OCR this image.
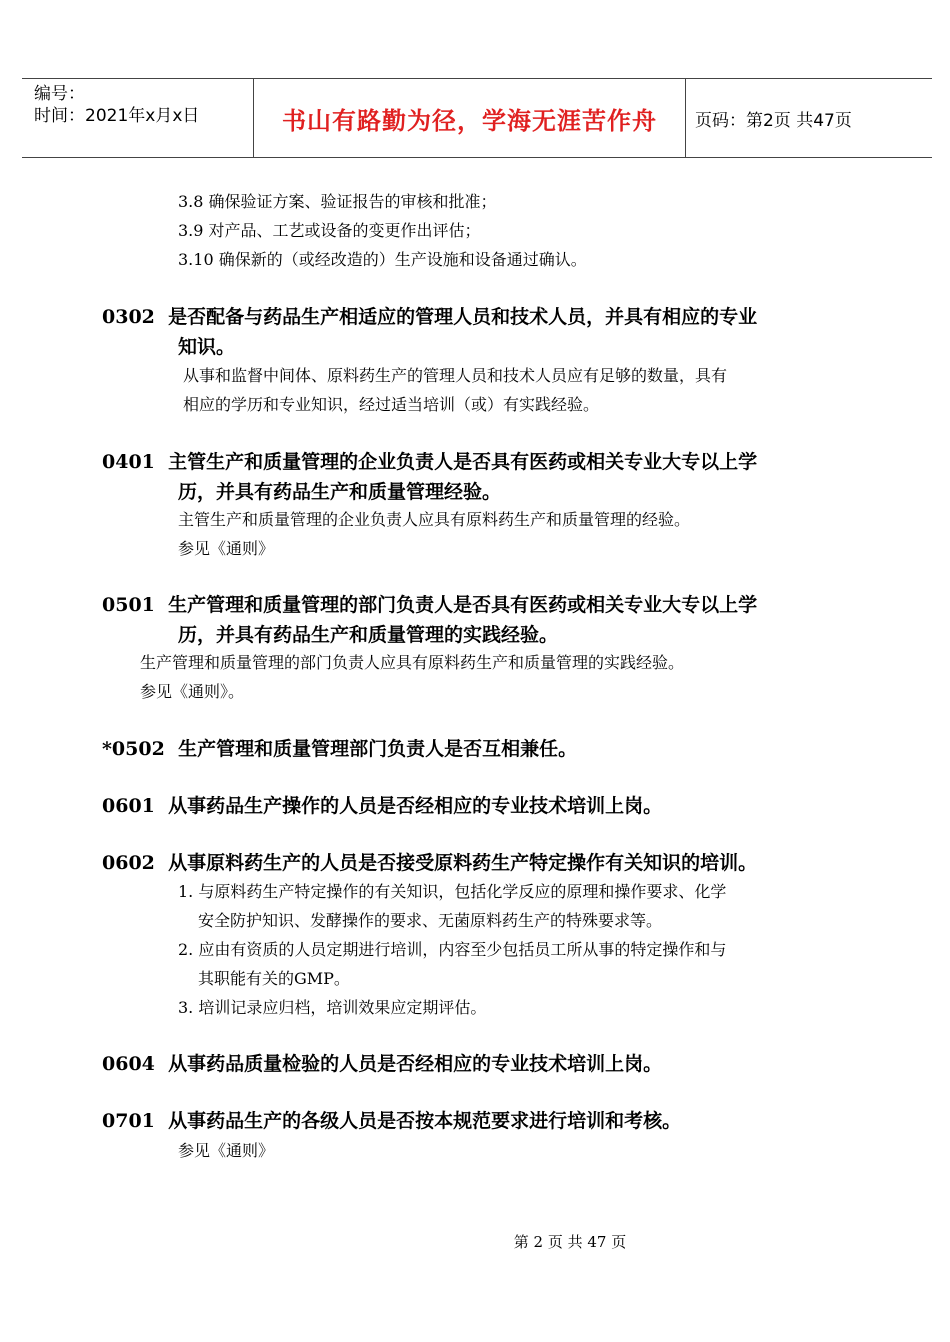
编号：
时间：2021年x月x日	书山有路勤为径，学海无涯苦作舟 页码：第2页 共47页
3.8 确保验证方案、验证报告的审核和批准；
3.9 对产品、工艺或设备的变更作出评估；
3.10 确保新的（或经改造的）生产设施和设备通过确认。
0302 是否配备与药品生产相适应的管理人员和技术人员，并具有相应的专业
知识。
从事和监督中间体、原料药生产的管理人员和技术人员应有足够的数量，具有
相应的学历和专业知识，经过适当培训（或）有实践经验。
0401 主管生产和质量管理的企业负责人是否具有医药或相关专业大专以上学
历，并具有药品生产和质量管理经验。
主管生产和质量管理的企业负责人应具有原料药生产和质量管理的经验。
参见《通则》
0501 生产管理和质量管理的部门负责人是否具有医药或相关专业大专以上学
历，并具有药品生产和质量管理的实践经验。
生产管理和质量管理的部门负责人应具有原料药生产和质量管理的实践经验。
参见《通则》。
*0502 生产管理和质量管理部门负责人是否互相兼任。
0601 从事药品生产操作的人员是否经相应的专业技术培训上岗。
0602 从事原料药生产的人员是否接受原料药生产特定操作有关知识的培训。
1. 与原料药生产特定操作的有关知识，包括化学反应的原理和操作要求、化学
安全防护知识、发酵操作的要求、无菌原料药生产的特殊要求等。
2. 应由有资质的人员定期进行培训，内容至少包括员工所从事的特定操作和与
其职能有关的GMP。
3. 培训记录应归档，培训效果应定期评估。
0604 从事药品质量检验的人员是否经相应的专业技术培训上岗。
0701 从事药品生产的各级人员是否按本规范要求进行培训和考核。
参见《通则》
第 2 页 共 47 页
